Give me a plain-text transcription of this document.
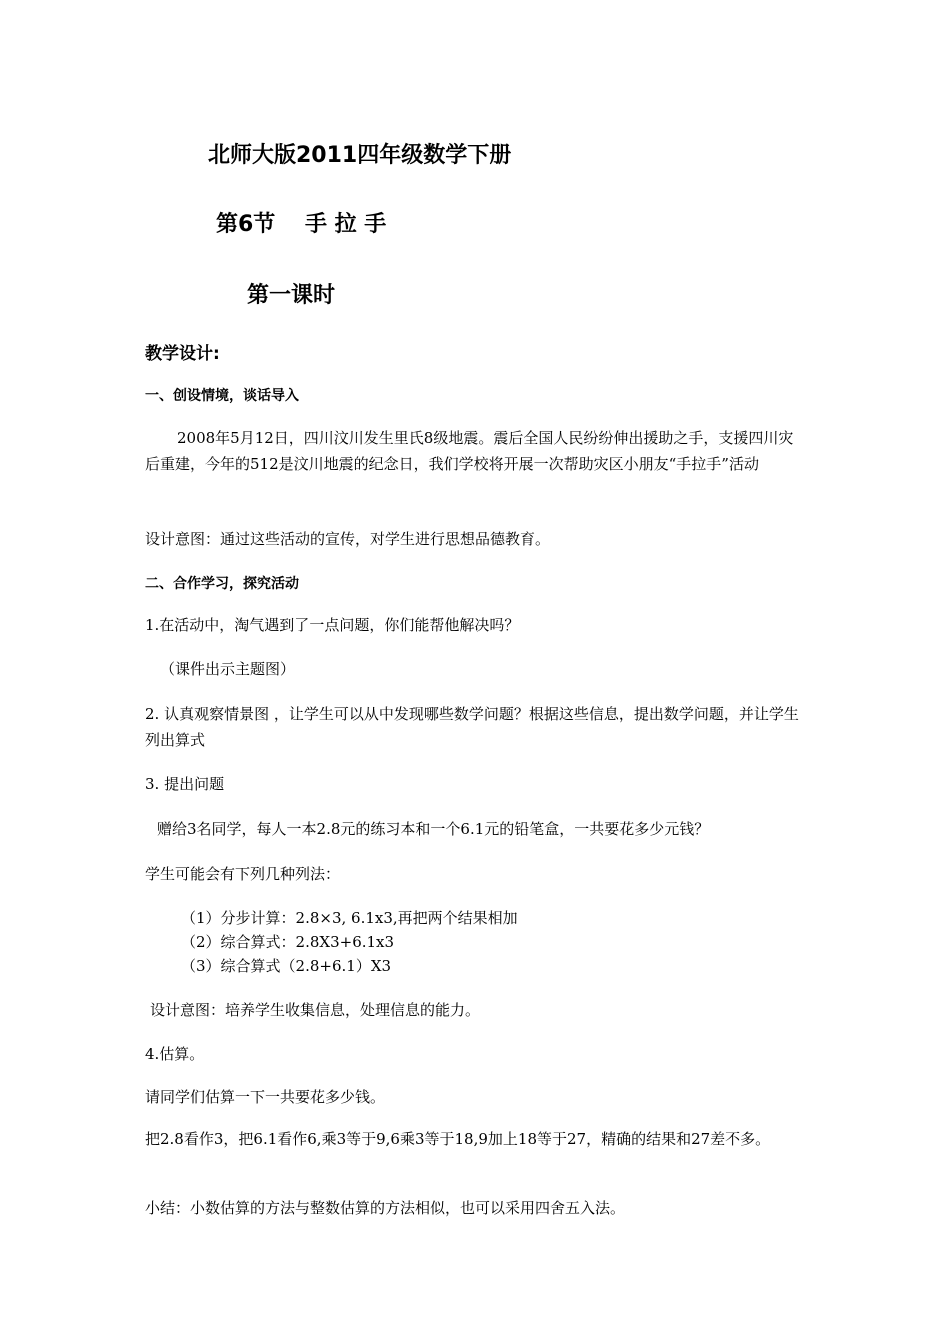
北师大版2011四年级数学下册

第6节　 手 拉 手

第一课时

教学设计:

一、创设情境，谈话导入

2008年5月12日，四川汶川发生里氏8级地震。震后全国人民纷纷伸出援助之手，支援四川灾后重建，今年的512是汶川地震的纪念日，我们学校将开展一次帮助灾区小朋友“手拉手”活动

设计意图：通过这些活动的宣传，对学生进行思想品德教育。

二、合作学习，探究活动

1.在活动中，淘气遇到了一点问题，你们能帮他解决吗？

（课件出示主题图）

2. 认真观察情景图 ，让学生可以从中发现哪些数学问题？根据这些信息，提出数学问题，并让学生列出算式

3. 提出问题

赠给3名同学，每人一本2.8元的练习本和一个6.1元的铅笔盒，一共要花多少元钱？

学生可能会有下列几种列法：

（1）分步计算：2.8×3, 6.1x3,再把两个结果相加

（2）综合算式：2.8X3+6.1x3

（3）综合算式（2.8+6.1）X3

设计意图：培养学生收集信息，处理信息的能力。

4.估算。

请同学们估算一下一共要花多少钱。

把2.8看作3，把6.1看作6,乘3等于9,6乘3等于18,9加上18等于27，精确的结果和27差不多。

小结：小数估算的方法与整数估算的方法相似，也可以采用四舍五入法。
